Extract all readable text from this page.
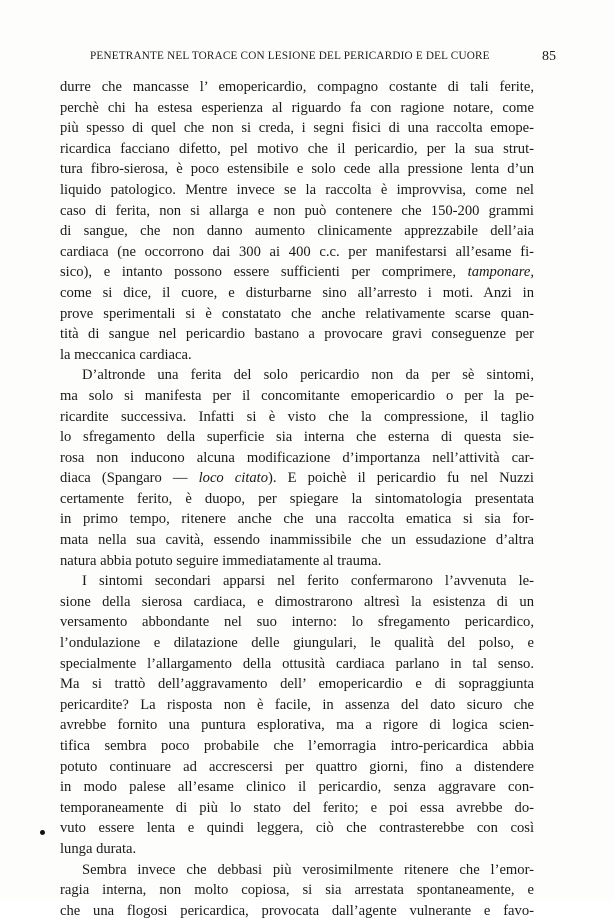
PENETRANTE NEL TORACE CON LESIONE DEL PERICARDIO E DEL CUORE	85
durre che mancasse l’ emopericardio, compagno costante di tali ferite,
perchè chi ha estesa esperienza al riguardo fa con ragione notare, come
più spesso di quel che non si creda, i segni fisici di una raccolta emope-
ricardica facciano difetto, pel motivo che il pericardio, per la sua strut-
tura fibro-sierosa, è poco estensibile e solo cede alla pressione lenta d’un
liquido patologico. Mentre invece se la raccolta è improvvisa, come nel
caso di ferita, non si allarga e non può contenere che 150-200 grammi
di sangue, che non danno aumento clinicamente apprezzabile dell’aia
cardiaca (ne occorrono dai 300 ai 400 c.c. per manifestarsi all’esame fi-
sico), e intanto possono essere sufficienti per comprimere, tamponare,
come si dice, il cuore, e disturbarne sino all’arresto i moti. Anzi in
prove sperimentali si è constatato che anche relativamente scarse quan-
tità di sangue nel pericardio bastano a provocare gravi conseguenze per
la meccanica cardiaca.
D’altronde una ferita del solo pericardio non da per sè sintomi,
ma solo si manifesta per il concomitante emopericardio o per la pe-
ricardite successiva. Infatti si è visto che la compressione, il taglio
lo sfregamento della superficie sia interna che esterna di questa sie-
rosa non inducono alcuna modificazione d’importanza nell’attività car-
diaca (Spangaro — loco citato). E poichè il pericardio fu nel Nuzzi
certamente ferito, è duopo, per spiegare la sintomatologia presentata
in primo tempo, ritenere anche che una raccolta ematica si sia for-
mata nella sua cavità, essendo inammissibile che un essudazione d’altra
natura abbia potuto seguire immediatamente al trauma.
I sintomi secondari apparsi nel ferito confermarono l’avvenuta le-
sione della sierosa cardiaca, e dimostrarono altresì la esistenza di un
versamento abbondante nel suo interno: lo sfregamento pericardico,
l’ondulazione e dilatazione delle giungulari, le qualità del polso, e
specialmente l’allargamento della ottusità cardiaca parlano in tal senso.
Ma si trattò dell’aggravamento dell’ emopericardio e di sopraggiunta
pericardite? La risposta non è facile, in assenza del dato sicuro che
avrebbe fornito una puntura esplorativa, ma a rigore di logica scien-
tifica sembra poco probabile che l’emorragia intro-pericardica abbia
potuto continuare ad accrescersi per quattro giorni, fino a distendere
in modo palese all’esame clinico il pericardio, senza aggravare con-
temporaneamente di più lo stato del ferito; e poi essa avrebbe do-
vuto essere lenta e quindi leggera, ciò che contrasterebbe con così
lunga durata.
Sembra invece che debbasi più verosimilmente ritenere che l’emor-
ragia interna, non molto copiosa, si sia arrestata spontaneamente, e
che una flogosi pericardica, provocata dall’agente vulnerante e favo-
